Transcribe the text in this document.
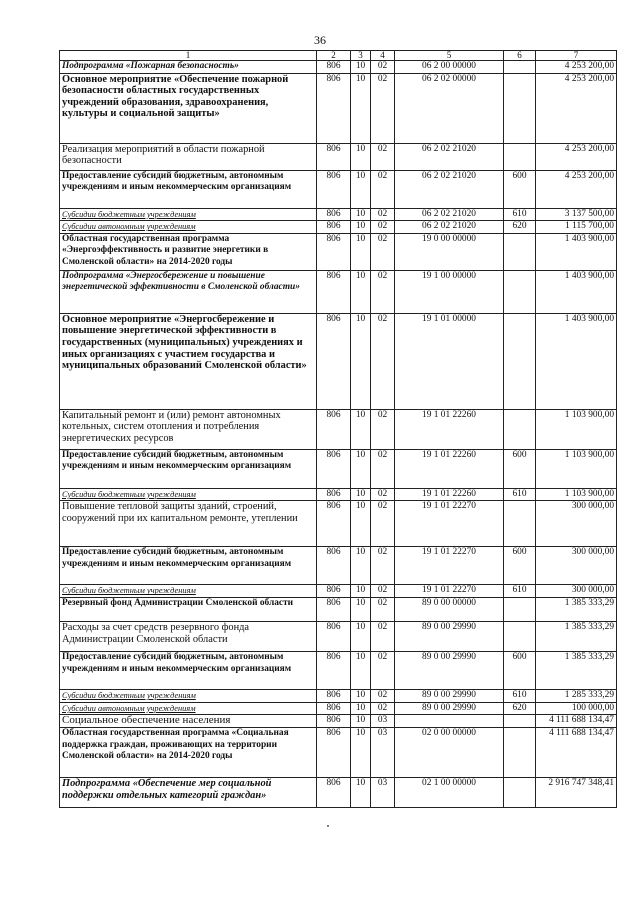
36
1	2	3	4	5	6	7
Подпрограмма «Пожарная безопасность»	806	10	02	06 2 00 00000		4 253 200,00
Основное мероприятие «Обеспечение пожарной безопасности областных государственных учреждений образования, здравоохранения, культуры и социальной защиты»	806	10	02	06 2 02 00000		4 253 200,00
Реализация мероприятий в области пожарной безопасности	806	10	02	06 2 02 21020		4 253 200,00
Предоставление субсидий бюджетным, автономным учреждениям и иным некоммерческим организациям	806	10	02	06 2 02 21020	600	4 253 200,00
Субсидии бюджетным учреждениям	806	10	02	06 2 02 21020	610	3 137 500,00
Субсидии автономным учреждениям	806	10	02	06 2 02 21020	620	1 115 700,00
Областная государственная программа «Энергоэффективность и развитие энергетики в Смоленской области» на 2014-2020 годы	806	10	02	19 0 00 00000		1 403 900,00
Подпрограмма «Энергосбережение и повышение энергетической эффективности в Смоленской области»	806	10	02	19 1 00 00000		1 403 900,00
Основное мероприятие «Энергосбережение и повышение энергетической эффективности в государственных (муниципальных) учреждениях и иных организациях с участием государства и муниципальных образований Смоленской области»	806	10	02	19 1 01 00000		1 403 900,00
Капитальный ремонт и (или) ремонт автономных котельных, систем отопления и потребления энергетических ресурсов	806	10	02	19 1 01 22260		1 103 900,00
Предоставление субсидий бюджетным, автономным учреждениям и иным некоммерческим организациям	806	10	02	19 1 01 22260	600	1 103 900,00
Субсидии бюджетным учреждениям	806	10	02	19 1 01 22260	610	1 103 900,00
Повышение тепловой защиты зданий, строений, сооружений при их капитальном ремонте, утеплении	806	10	02	19 1 01 22270		300 000,00
Предоставление субсидий бюджетным, автономным учреждениям и иным некоммерческим организациям	806	10	02	19 1 01 22270	600	300 000,00
Субсидии бюджетным учреждениям	806	10	02	19 1 01 22270	610	300 000,00
Резервный фонд Администрации Смоленской области	806	10	02	89 0 00 00000		1 385 333,29
Расходы за счет средств резервного фонда Администрации Смоленской области	806	10	02	89 0 00 29990		1 385 333,29
Предоставление субсидий бюджетным, автономным учреждениям и иным некоммерческим организациям	806	10	02	89 0 00 29990	600	1 385 333,29
Субсидии бюджетным учреждениям	806	10	02	89 0 00 29990	610	1 285 333,29
Субсидии автономным учреждениям	806	10	02	89 0 00 29990	620	100 000,00
Социальное обеспечение населения	806	10	03			4 111 688 134,47
Областная государственная программа «Социальная поддержка граждан, проживающих на территории Смоленской области» на 2014-2020 годы	806	10	03	02 0 00 00000		4 111 688 134,47
Подпрограмма «Обеспечение мер социальной поддержки отдельных категорий граждан»	806	10	03	02 1 00 00000		2 916 747 348,41
